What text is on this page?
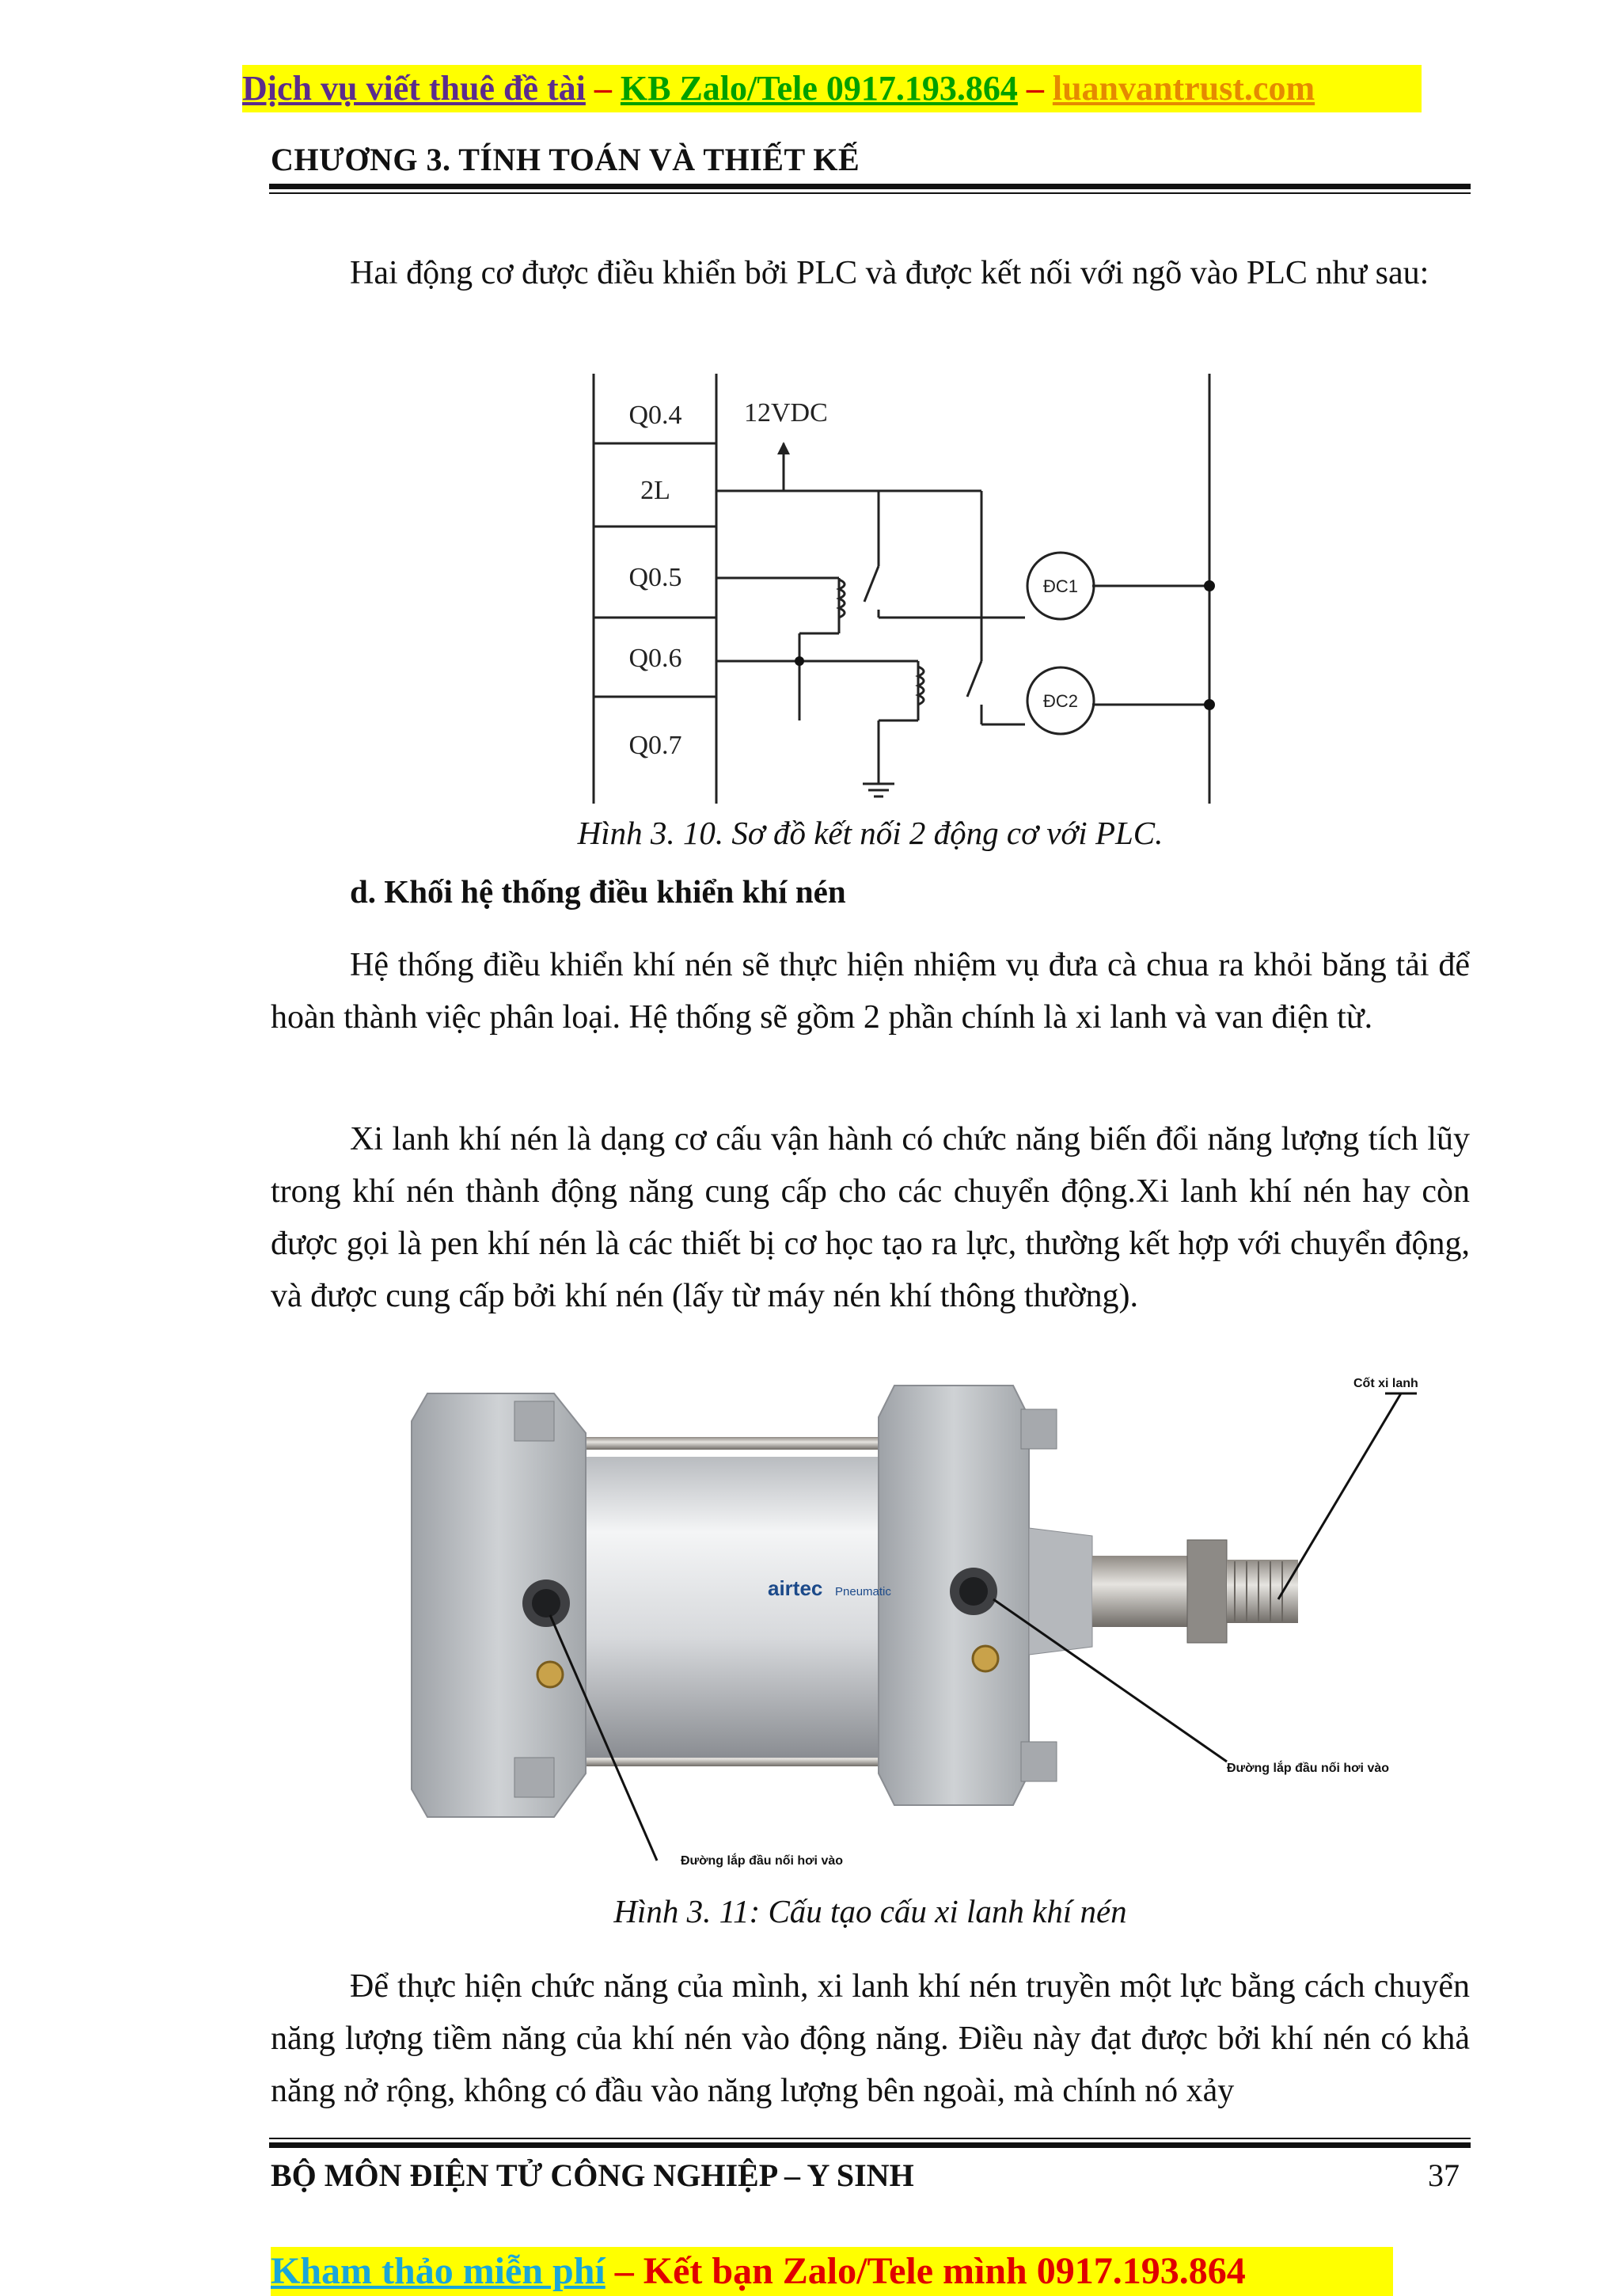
Dịch vụ viết thuê đề tài – KB Zalo/Tele 0917.193.864 – luanvantrust.com
CHƯƠNG 3. TÍNH TOÁN VÀ THIẾT KẾ
Hai động cơ được điều khiển bởi PLC và được kết nối với ngõ vào PLC như sau:
Q0.4
2L
Q0.5
Q0.6
Q0.7
12VDC
ĐC1
ĐC2
Hình 3. 10. Sơ đồ kết nối 2 động cơ với PLC.
d. Khối hệ thống điều khiển khí nén
Hệ thống điều khiển khí nén sẽ thực hiện nhiệm vụ đưa cà chua ra khỏi băng tải để hoàn thành việc phân loại. Hệ thống sẽ gồm 2 phần chính là xi lanh và van điện từ.
Xi lanh khí nén là dạng cơ cấu vận hành có chức năng biến đổi năng lượng tích lũy trong khí nén thành động năng cung cấp cho các chuyển động.Xi lanh khí nén hay còn được gọi là pen khí nén là các thiết bị cơ học tạo ra lực, thường kết hợp với chuyển động, và được cung cấp bởi khí nén (lấy từ máy nén khí thông thường).
airtec Pneumatic
Cốt xi lanh
Đường lắp đầu nối hơi vào
Đường lắp đầu nối hơi vào
Hình 3. 11: Cấu tạo cấu xi lanh khí nén
Để thực hiện chức năng của mình, xi lanh khí nén truyền một lực bằng cách chuyển năng lượng tiềm năng của khí nén vào động năng. Điều này đạt được bởi khí nén có khả năng nở rộng, không có đầu vào năng lượng bên ngoài, mà chính nó xảy
BỘ MÔN ĐIỆN TỬ CÔNG NGHIỆP – Y SINH	37
Kham thảo miễn phí – Kết bạn Zalo/Tele mình 0917.193.864
